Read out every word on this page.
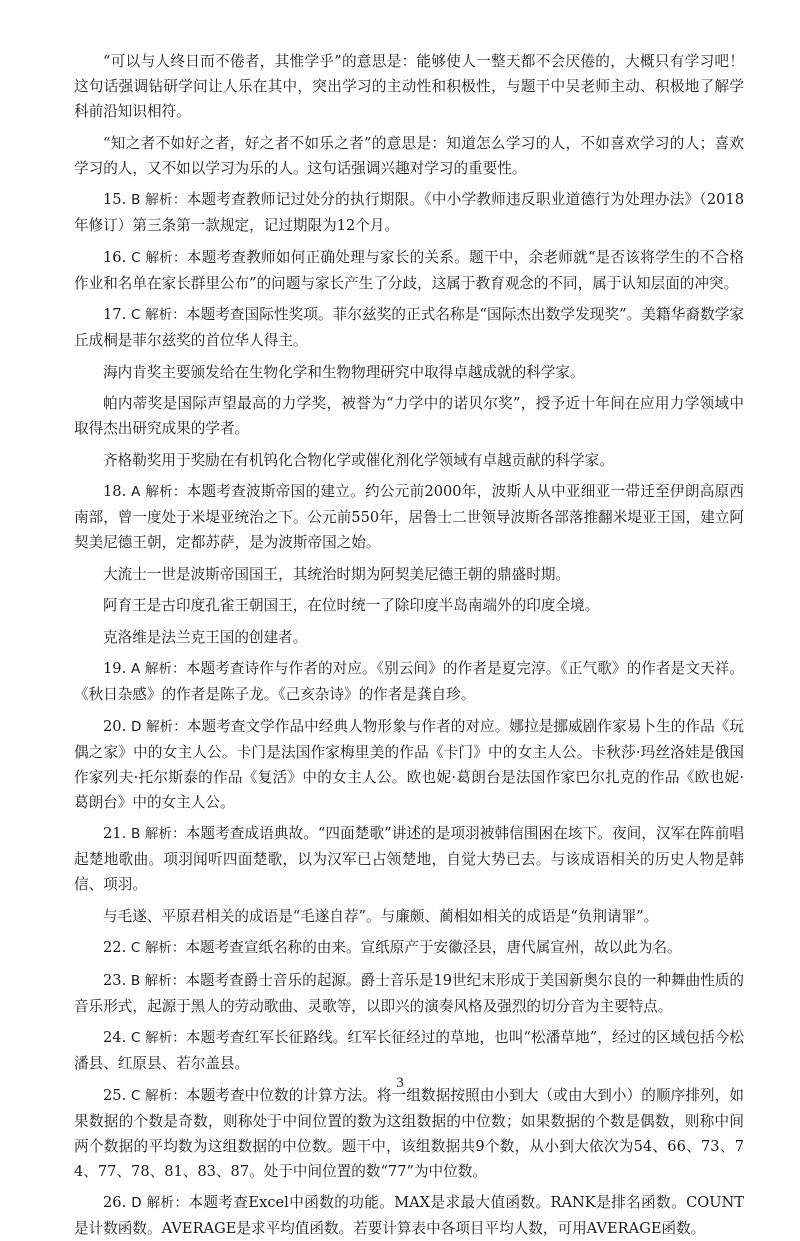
“可以与人终日而不倦者，其惟学乎”的意思是：能够使人一整天都不会厌倦的，大概只有学习吧！这句话强调钻研学问让人乐在其中，突出学习的主动性和积极性，与题干中吴老师主动、积极地了解学科前沿知识相符。

“知之者不如好之者，好之者不如乐之者”的意思是：知道怎么学习的人，不如喜欢学习的人；喜欢学习的人，又不如以学习为乐的人。这句话强调兴趣对学习的重要性。

15. B 解析：本题考查教师记过处分的执行期限。《中小学教师违反职业道德行为处理办法》（2018年修订）第三条第一款规定，记过期限为12个月。

16. C 解析：本题考查教师如何正确处理与家长的关系。题干中，余老师就“是否该将学生的不合格作业和名单在家长群里公布”的问题与家长产生了分歧，这属于教育观念的不同，属于认知层面的冲突。

17. C 解析：本题考查国际性奖项。菲尔兹奖的正式名称是“国际杰出数学发现奖”。美籍华裔数学家丘成桐是菲尔兹奖的首位华人得主。

海内肯奖主要颁发给在生物化学和生物物理研究中取得卓越成就的科学家。

帕内蒂奖是国际声望最高的力学奖，被誉为“力学中的诺贝尔奖”，授予近十年间在应用力学领域中取得杰出研究成果的学者。

齐格勒奖用于奖励在有机钨化合物化学或催化剂化学领域有卓越贡献的科学家。

18. A 解析：本题考查波斯帝国的建立。约公元前2000年，波斯人从中亚细亚一带迁至伊朗高原西南部，曾一度处于米堤亚统治之下。公元前550年，居鲁士二世领导波斯各部落推翻米堤亚王国，建立阿契美尼德王朝，定都苏萨，是为波斯帝国之始。

大流士一世是波斯帝国国王，其统治时期为阿契美尼德王朝的鼎盛时期。

阿育王是古印度孔雀王朝国王，在位时统一了除印度半岛南端外的印度全境。

克洛维是法兰克王国的创建者。

19. A 解析：本题考查诗作与作者的对应。《别云间》的作者是夏完淳。《正气歌》的作者是文天祥。《秋日杂感》的作者是陈子龙。《己亥杂诗》的作者是龚自珍。

20. D 解析：本题考查文学作品中经典人物形象与作者的对应。娜拉是挪威剧作家易卜生的作品《玩偶之家》中的女主人公。卡门是法国作家梅里美的作品《卡门》中的女主人公。卡秋莎·玛丝洛娃是俄国作家列夫·托尔斯泰的作品《复活》中的女主人公。欧也妮·葛朗台是法国作家巴尔扎克的作品《欧也妮·葛朗台》中的女主人公。

21. B 解析：本题考查成语典故。“四面楚歌”讲述的是项羽被韩信围困在垓下。夜间，汉军在阵前唱起楚地歌曲。项羽闻听四面楚歌，以为汉军已占领楚地，自觉大势已去。与该成语相关的历史人物是韩信、项羽。

与毛遂、平原君相关的成语是“毛遂自荐”。与廉颇、蔺相如相关的成语是“负荆请罪”。

22. C 解析：本题考查宣纸名称的由来。宣纸原产于安徽泾县，唐代属宣州，故以此为名。

23. B 解析：本题考查爵士音乐的起源。爵士音乐是19世纪末形成于美国新奥尔良的一种舞曲性质的音乐形式，起源于黑人的劳动歌曲、灵歌等，以即兴的演奏风格及强烈的切分音为主要特点。

24. C 解析：本题考查红军长征路线。红军长征经过的草地，也叫“松潘草地”，经过的区域包括今松潘县、红原县、若尔盖县。

25. C 解析：本题考查中位数的计算方法。将一组数据按照由小到大（或由大到小）的顺序排列，如果数据的个数是奇数，则称处于中间位置的数为这组数据的中位数；如果数据的个数是偶数，则称中间两个数据的平均数为这组数据的中位数。题干中，该组数据共9个数，从小到大依次为54、66、73、74、77、78、81、83、87。处于中间位置的数“77”为中位数。

26. D 解析：本题考查Excel中函数的功能。MAX是求最大值函数。RANK是排名函数。COUNT是计数函数。AVERAGE是求平均值函数。若要计算表中各项目平均人数，可用AVERAGE函数。

3
